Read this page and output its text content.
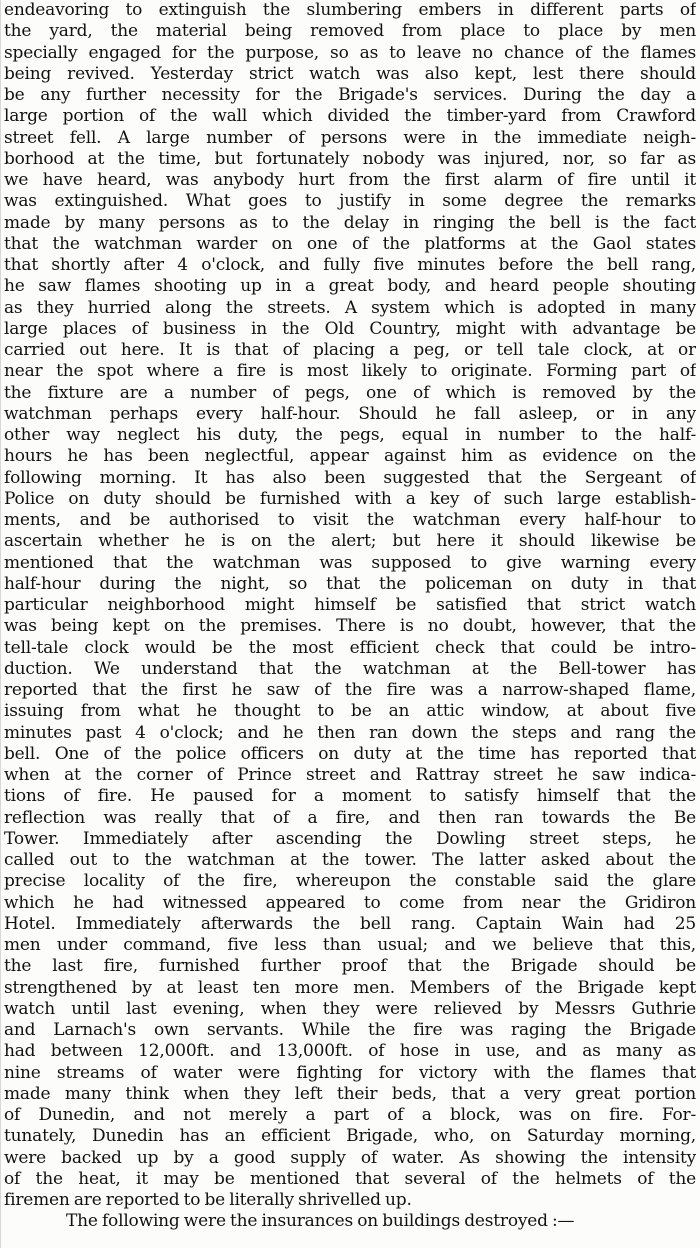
endeavoring to extinguish the slumbering embers in different parts of
the yard, the material being removed from place to place by men
specially engaged for the purpose, so as to leave no chance of the flames
being revived. Yesterday strict watch was also kept, lest there should
be any further necessity for the Brigade's services. During the day a
large portion of the wall which divided the timber-yard from Crawford
street fell. A large number of persons were in the immediate neigh-
borhood at the time, but fortunately nobody was injured, nor, so far as
we have heard, was anybody hurt from the first alarm of fire until it
was extinguished. What goes to justify in some degree the remarks
made by many persons as to the delay in ringing the bell is the fact
that the watchman warder on one of the platforms at the Gaol states
that shortly after 4 o'clock, and fully five minutes before the bell rang,
he saw flames shooting up in a great body, and heard people shouting
as they hurried along the streets. A system which is adopted in many
large places of business in the Old Country, might with advantage be
carried out here. It is that of placing a peg, or tell tale clock, at or
near the spot where a fire is most likely to originate. Forming part of
the fixture are a number of pegs, one of which is removed by the
watchman perhaps every half-hour. Should he fall asleep, or in any
other way neglect his duty, the pegs, equal in number to the half-
hours he has been neglectful, appear against him as evidence on the
following morning. It has also been suggested that the Sergeant of
Police on duty should be furnished with a key of such large establish-
ments, and be authorised to visit the watchman every half-hour to
ascertain whether he is on the alert; but here it should likewise be
mentioned that the watchman was supposed to give warning every
half-hour during the night, so that the policeman on duty in that
particular neighborhood might himself be satisfied that strict watch
was being kept on the premises. There is no doubt, however, that the
tell-tale clock would be the most efficient check that could be intro-
duction. We understand that the watchman at the Bell-tower has
reported that the first he saw of the fire was a narrow-shaped flame,
issuing from what he thought to be an attic window, at about five
minutes past 4 o'clock; and he then ran down the steps and rang the
bell. One of the police officers on duty at the time has reported that
when at the corner of Prince street and Rattray street he saw indica-
tions of fire. He paused for a moment to satisfy himself that the
reflection was really that of a fire, and then ran towards the Be
Tower. Immediately after ascending the Dowling street steps, he
called out to the watchman at the tower. The latter asked about the
precise locality of the fire, whereupon the constable said the glare
which he had witnessed appeared to come from near the Gridiron
Hotel. Immediately afterwards the bell rang. Captain Wain had 25
men under command, five less than usual; and we believe that this,
the last fire, furnished further proof that the Brigade should be
strengthened by at least ten more men. Members of the Brigade kept
watch until last evening, when they were relieved by Messrs Guthrie
and Larnach's own servants. While the fire was raging the Brigade
had between 12,000ft. and 13,000ft. of hose in use, and as many as
nine streams of water were fighting for victory with the flames that
made many think when they left their beds, that a very great portion
of Dunedin, and not merely a part of a block, was on fire. For-
tunately, Dunedin has an efficient Brigade, who, on Saturday morning,
were backed up by a good supply of water. As showing the intensity
of the heat, it may be mentioned that several of the helmets of the
firemen are reported to be literally shrivelled up.
The following were the insurances on buildings destroyed :—
